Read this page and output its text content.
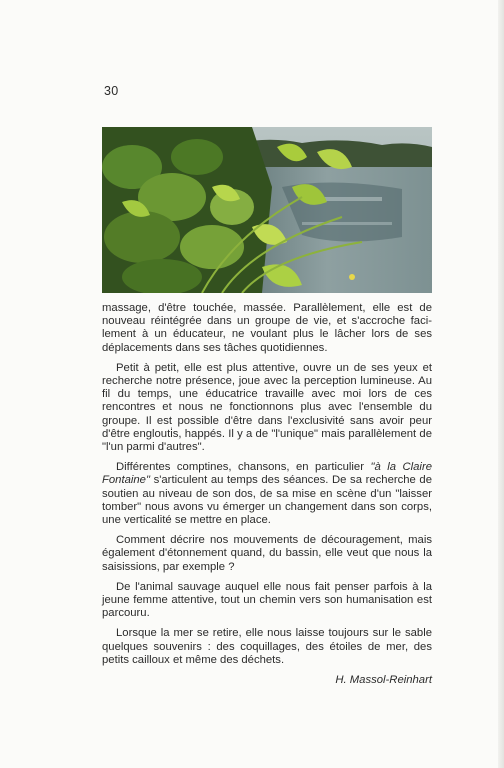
30

massage, d'être touchée, massée. Parallèlement, elle est de nouveau réintégrée dans un groupe de vie, et s'accroche faci-lement à un éducateur, ne voulant plus le lâcher lors de ses déplacements dans ses tâches quotidiennes.

Petit à petit, elle est plus attentive, ouvre un de ses yeux et recherche notre présence, joue avec la perception lumineuse. Au fil du temps, une éducatrice travaille avec moi lors de ces rencontres et nous ne fonctionnons plus avec l'ensemble du groupe. Il est possible d'être dans l'exclusivité sans avoir peur d'être englouti̇s, happés. Il y a de "l'unique" mais parallèlement de "l'un parmi d'autres".

Différentes comptines, chansons, en particulier "à la Claire Fontaine" s'articulent au temps des séances. De sa recherche de soutien au niveau de son dos, de sa mise en scène d'un "laisser tomber" nous avons vu émerger un changement dans son corps, une verticalité se mettre en place.

Comment décrire nos mouvements de découragement, mais également d'étonnement quand, du bassin, elle veut que nous la saisissions, par exemple ?

De l'animal sauvage auquel elle nous fait penser parfois à la jeune femme attentive, tout un chemin vers son humanisation est parcouru.

Lorsque la mer se retire, elle nous laisse toujours sur le sable quelques souvenirs : des coquillages, des étoiles de mer, des petits cailloux et même des déchets.

H. Massol-Reinhart
